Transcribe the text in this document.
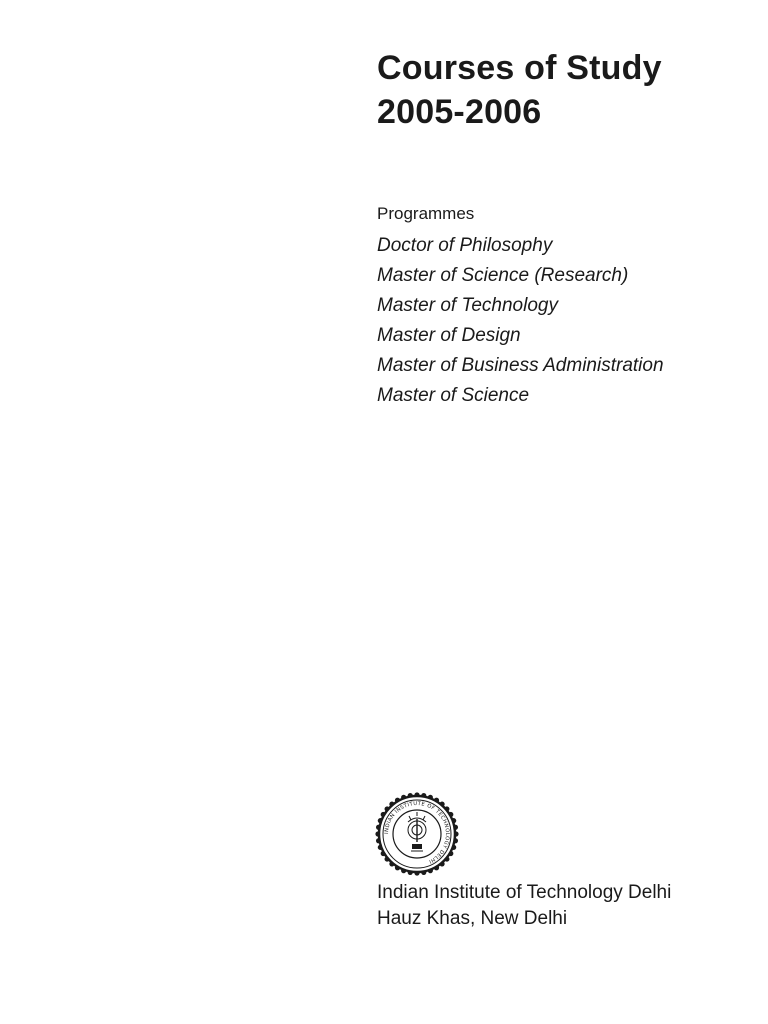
Courses of Study
2005-2006
Programmes
Doctor of Philosophy
Master of Science (Research)
Master of Technology
Master of Design
Master of Business Administration
Master of Science
INDIAN INSTITUTE OF TECHNOLOGY DELHI
Indian Institute of Technology Delhi
Hauz Khas, New Delhi
